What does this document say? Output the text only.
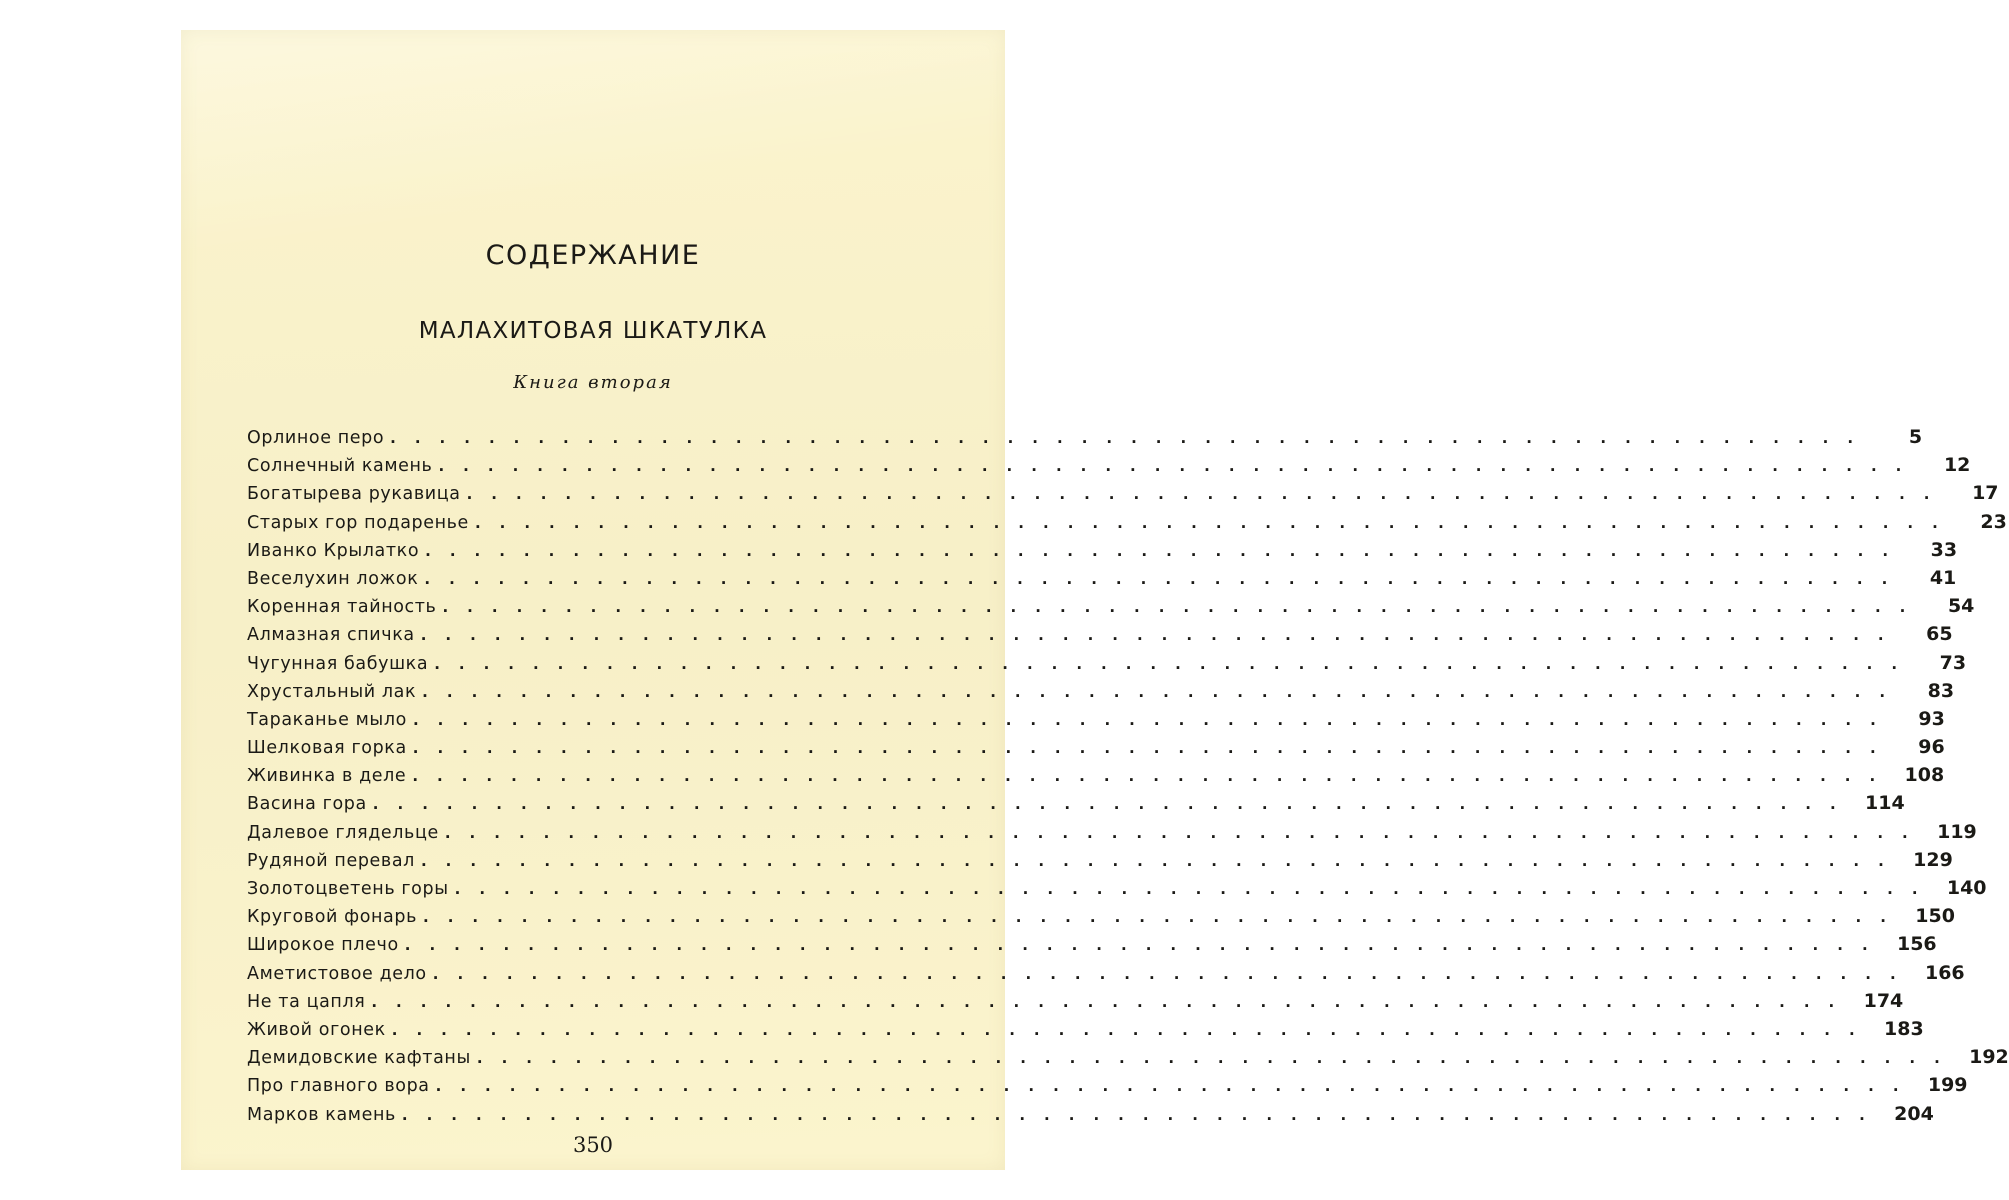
СОДЕРЖАНИЕ
МАЛАХИТОВАЯ ШКАТУЛКА
Книга вторая
Орлиное перо ............................................................	5
Солнечный камень ............................................................	12
Богатырева рукавица ............................................................	17
Старых гор подаренье ............................................................	23
Иванко Крылатко ............................................................	33
Веселухин ложок ............................................................	41
Коренная тайность ............................................................	54
Алмазная спичка ............................................................	65
Чугунная бабушка ............................................................	73
Хрустальный лак ............................................................	83
Тараканье мыло ............................................................	93
Шелковая горка ............................................................	96
Живинка в деле ............................................................ 108
Васина гора ............................................................ 114
Далевое глядельце ............................................................ 119
Рудяной перевал ............................................................ 129
Золотоцветень горы ............................................................ 140
Круговой фонарь ............................................................ 150
Широкое плечо ............................................................ 156
Аметистовое дело ............................................................ 166
Не та цапля ............................................................ 174
Живой огонек ............................................................ 183
Демидовские кафтаны ............................................................ 192
Про главного вора ............................................................ 199
Марков камень ............................................................ 204
350
